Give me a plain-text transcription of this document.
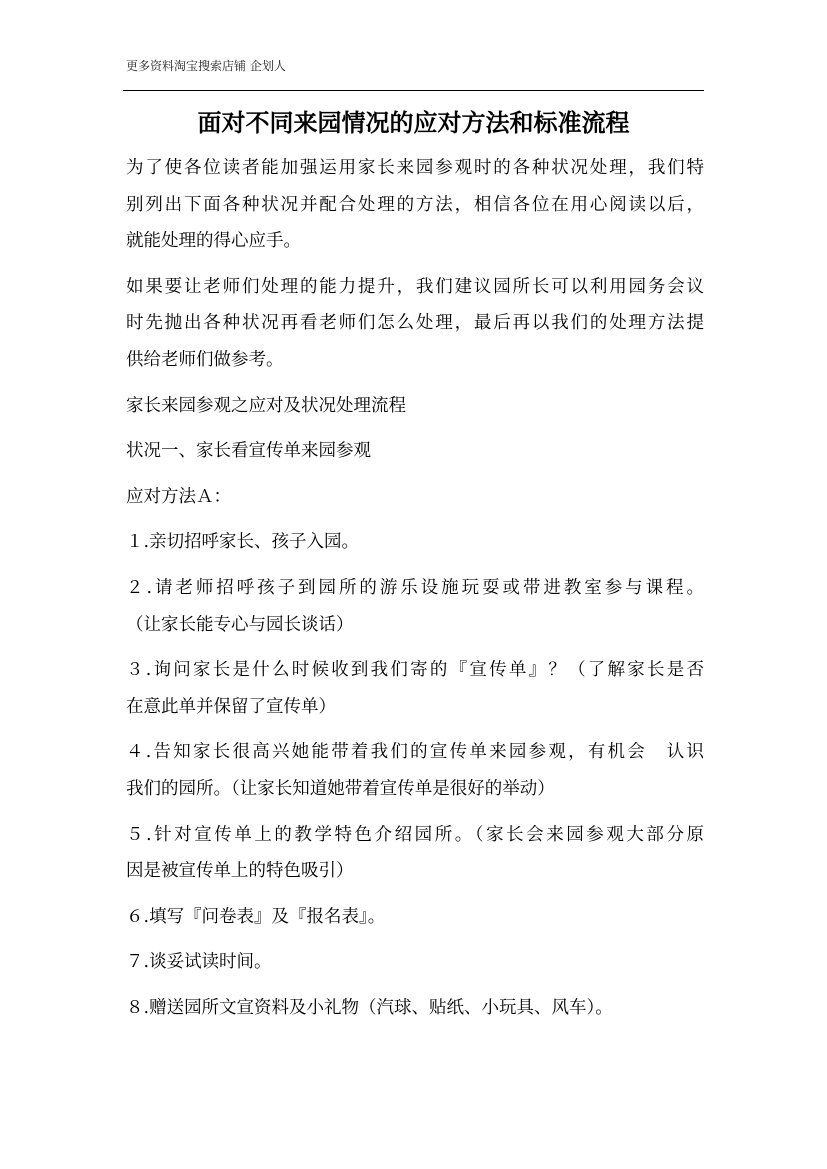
更多资料淘宝搜索店铺 企划人
面对不同来园情况的应对方法和标准流程
为了使各位读者能加强运用家长来园参观时的各种状况处理，我们特
别列出下面各种状况并配合处理的方法，相信各位在用心阅读以后，
就能处理的得心应手。
如果要让老师们处理的能力提升，我们建议园所长可以利用园务会议
时先抛出各种状况再看老师们怎么处理，最后再以我们的处理方法提
供给老师们做参考。
家长来园参观之应对及状况处理流程
状况一、家长看宣传单来园参观
应对方法Ａ：
１.亲切招呼家长、孩子入园。
２.请老师招呼孩子到园所的游乐设施玩耍或带进教室参与课程。
（让家长能专心与园长谈话）
３.询问家长是什么时候收到我们寄的『宣传单』？（了解家长是否
在意此单并保留了宣传单）
４.告知家长很高兴她能带着我们的宣传单来园参观，有机会　认识
我们的园所。（让家长知道她带着宣传单是很好的举动）
５.针对宣传单上的教学特色介绍园所。（家长会来园参观大部分原
因是被宣传单上的特色吸引）
６.填写『问卷表』及『报名表』。
７.谈妥试读时间。
８.赠送园所文宣资料及小礼物（汽球、贴纸、小玩具、风车）。
